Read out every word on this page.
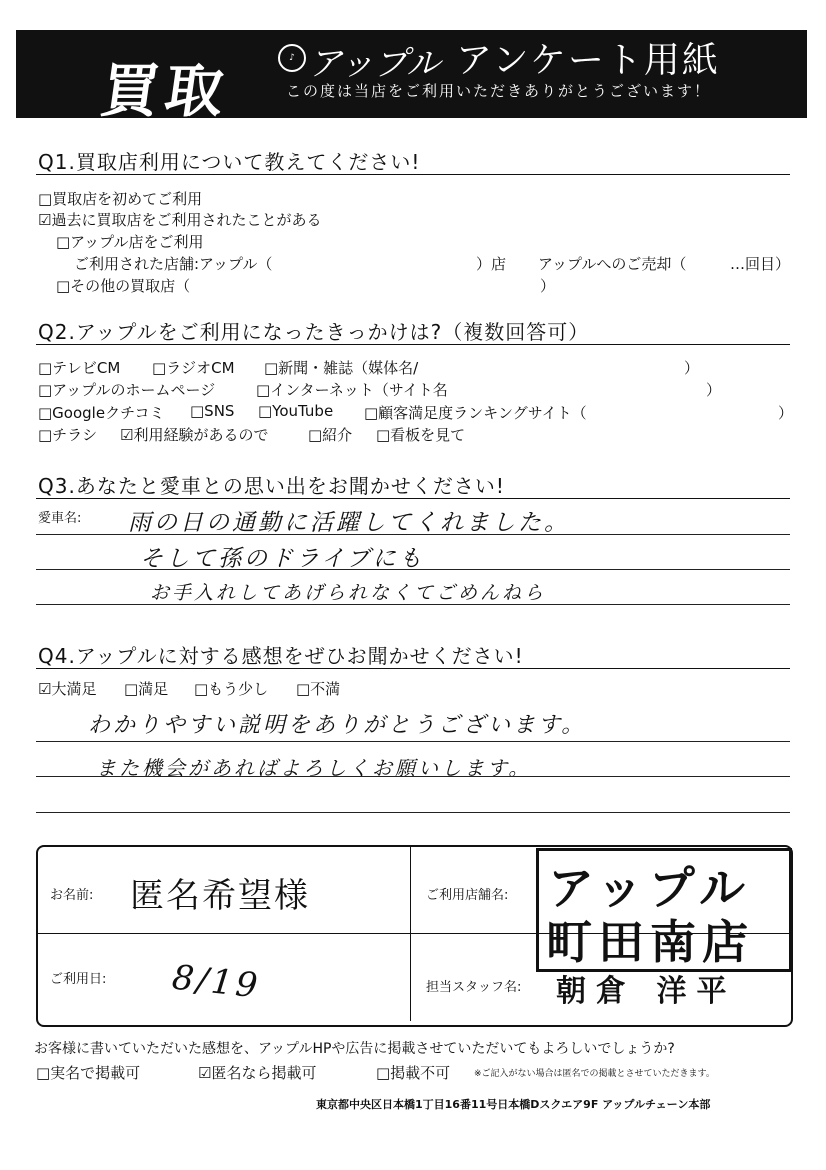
買取	♪ アップル アンケート用紙
この度は当店をご利用いただきありがとうございます！
Q1.買取店利用について教えてください!
□買取店を初めてご利用
☑過去に買取店をご利用されたことがある
□アップル店をご利用
ご利用された店舗:アップル（	）店 アップルへのご売却（	…回目）
□その他の買取店（	）
Q2.アップルをご利用になったきっかけは?（複数回答可）
□テレビCM □ラジオCM □新聞・雑誌（媒体名/	）
□アップルのホームページ	□インターネット（サイト名	）
□Googleクチコミ □SNS □YouTube □顧客満足度ランキングサイト（	）
□チラシ ☑利用経験があるので	□紹介 □看板を見て
Q3.あなたと愛車との思い出をお聞かせください!
愛車名: 雨の日の通勤に活躍してくれました。
そして孫のドライブにも
お手入れしてあげられなくてごめんねら
Q4.アップルに対する感想をぜひお聞かせください!
☑大満足 □満足 □もう少し □不満
わかりやすい説明をありがとうございます。
また機会があればよろしくお願いします。
お名前: 匿名希望様
ご利用日: 8/19
ご利用店舗名: アップル
町田南店
担当スタッフ名: 朝倉 洋平
お客様に書いていただいた感想を、アップルHPや広告に掲載させていただいてもよろしいでしょうか?
□実名で掲載可	☑匿名なら掲載可	□掲載不可	※ご記入がない場合は匿名での掲載とさせていただきます。
東京都中央区日本橋1丁目16番11号日本橋Dスクエア9F アップルチェーン本部
